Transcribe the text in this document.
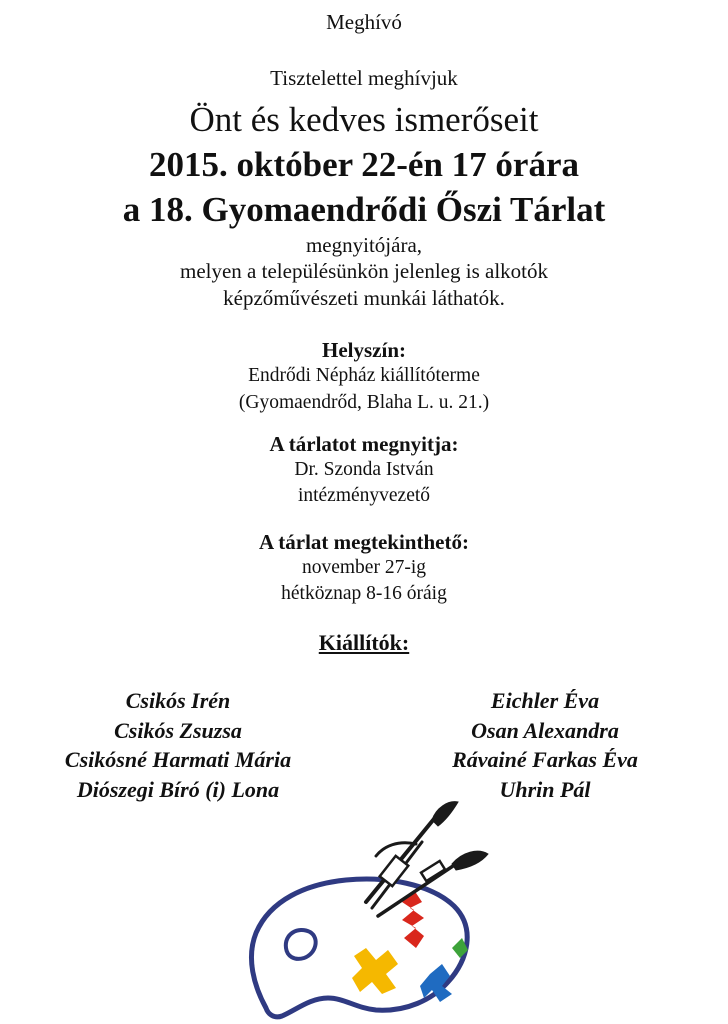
Meghívó
Tisztelettel meghívjuk
Önt és kedves ismerőseit
2015. október 22-én 17 órára
a 18. Gyomaendrődi Őszi Tárlat
megnyitójára,
melyen a településünkön jelenleg is alkotók
képzőművészeti munkái láthatók.
Helyszín:
Endrődi Népház kiállítóterme
(Gyomaendrőd, Blaha L. u. 21.)
A tárlatot megnyitja:
Dr. Szonda István
intézményvezető
A tárlat megtekinthető:
november 27-ig
hétköznap 8-16 óráig
Kiállítók:
Csikós Irén
Csikós Zsuzsa
Csikósné Harmati Mária
Diószegi Bíró (i) Lona
Eichler Éva
Osan Alexandra
Rávainé Farkas Éva
Uhrin Pál
